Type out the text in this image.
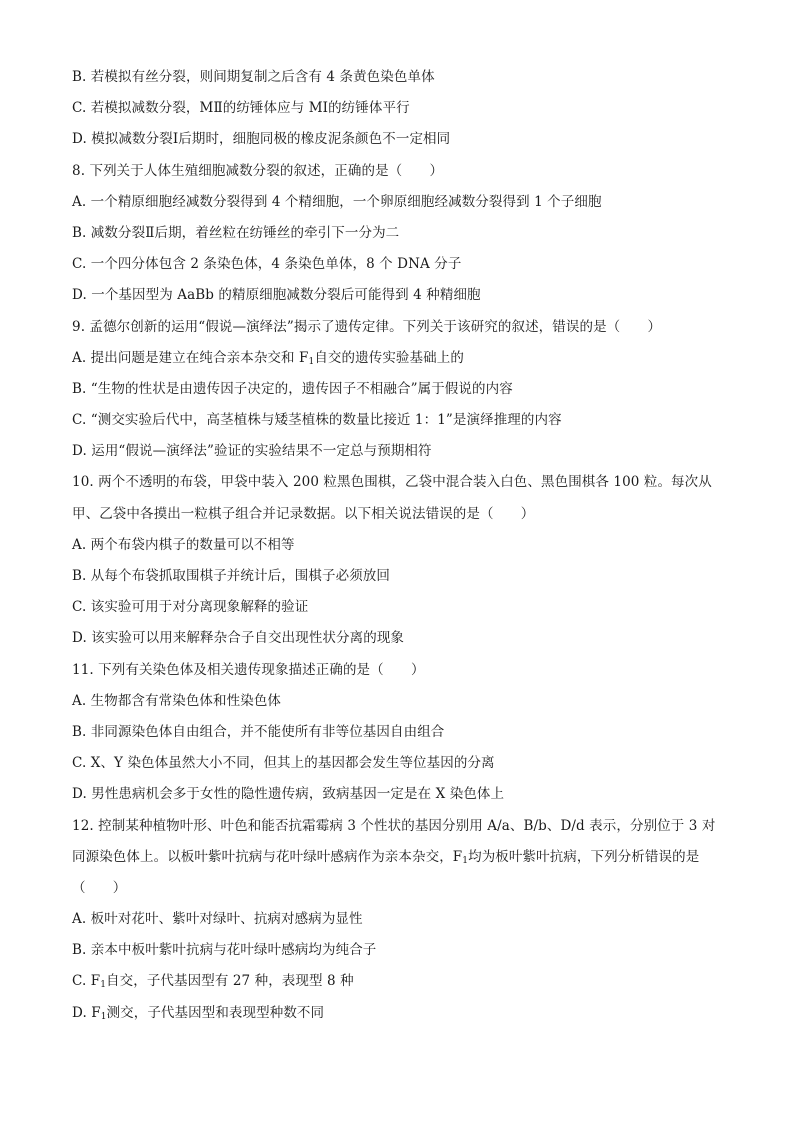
B. 若模拟有丝分裂，则间期复制之后含有 4 条黄色染色单体
C. 若模拟减数分裂，MⅡ的纺锤体应与 MⅠ的纺锤体平行
D. 模拟减数分裂Ⅰ后期时，细胞同极的橡皮泥条颜色不一定相同
8. 下列关于人体生殖细胞减数分裂的叙述，正确的是（　　）
A. 一个精原细胞经减数分裂得到 4 个精细胞，一个卵原细胞经减数分裂得到 1 个子细胞
B. 减数分裂Ⅱ后期，着丝粒在纺锤丝的牵引下一分为二
C. 一个四分体包含 2 条染色体，4 条染色单体，8 个 DNA 分子
D. 一个基因型为 AaBb 的精原细胞减数分裂后可能得到 4 种精细胞
9. 孟德尔创新的运用“假说—演绎法”揭示了遗传定律。下列关于该研究的叙述，错误的是（　　）
A. 提出问题是建立在纯合亲本杂交和 $F_1$自交的遗传实验基础上的
B. “生物的性状是由遗传因子决定的，遗传因子不相融合”属于假说的内容
C. “测交实验后代中，高茎植株与矮茎植株的数量比接近 1：1”是演绎推理的内容
D. 运用“假说—演绎法”验证的实验结果不一定总与预期相符
10. 两个不透明的布袋，甲袋中装入 200 粒黑色围棋，乙袋中混合装入白色、黑色围棋各 100 粒。每次从
甲、乙袋中各摸出一粒棋子组合并记录数据。以下相关说法错误的是（　　）
A. 两个布袋内棋子的数量可以不相等
B. 从每个布袋抓取围棋子并统计后，围棋子必须放回
C. 该实验可用于对分离现象解释的验证
D. 该实验可以用来解释杂合子自交出现性状分离的现象
11. 下列有关染色体及相关遗传现象描述正确的是（　　）
A. 生物都含有常染色体和性染色体
B. 非同源染色体自由组合，并不能使所有非等位基因自由组合
C. X、Y 染色体虽然大小不同，但其上的基因都会发生等位基因的分离
D. 男性患病机会多于女性的隐性遗传病，致病基因一定是在 X 染色体上
12. 控制某种植物叶形、叶色和能否抗霜霉病 3 个性状的基因分别用 A/a、B/b、D/d 表示，分别位于 3 对
同源染色体上。以板叶紫叶抗病与花叶绿叶感病作为亲本杂交，$F_1$均为板叶紫叶抗病，下列分析错误的是
（　　）
A. 板叶对花叶、紫叶对绿叶、抗病对感病为显性
B. 亲本中板叶紫叶抗病与花叶绿叶感病均为纯合子
C. $F_1$自交，子代基因型有 27 种，表现型 8 种
D. $F_1$测交，子代基因型和表现型种数不同
